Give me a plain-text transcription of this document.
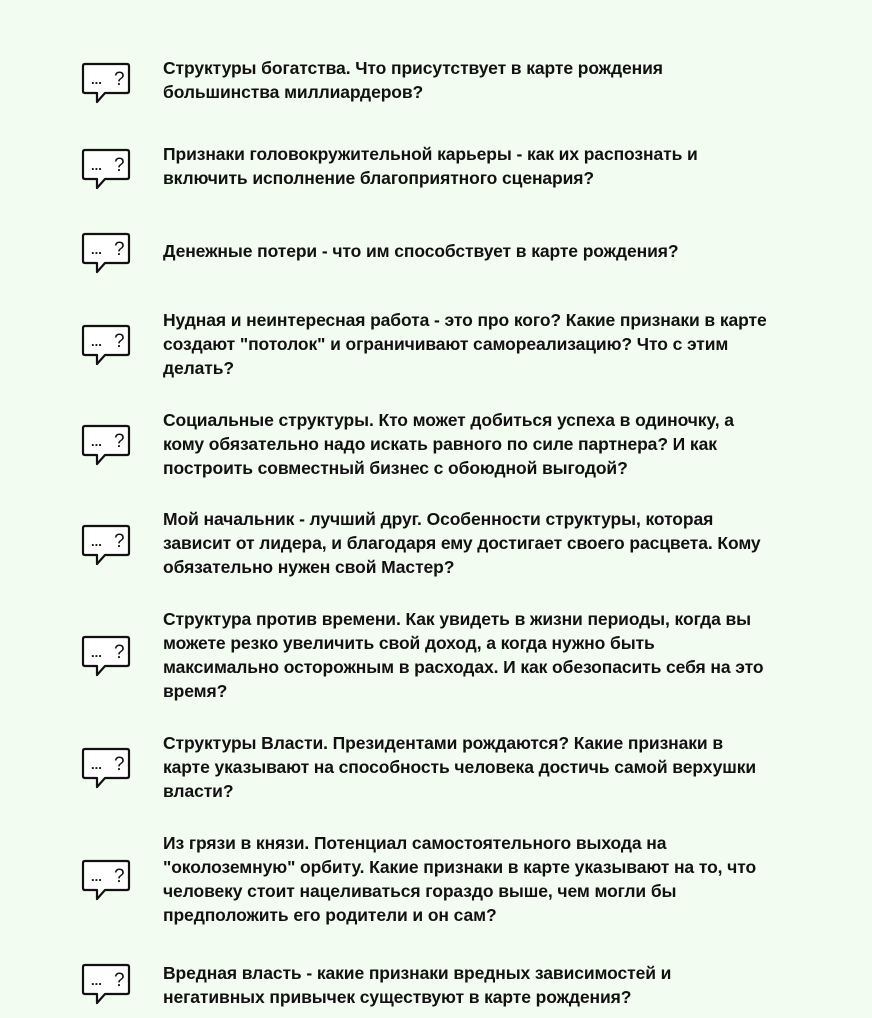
... ?
Структуры богатства. Что присутствует в карте рождения большинства миллиардеров?
... ?
Признаки головокружительной карьеры - как их распознать и включить исполнение благоприятного сценария?
... ? Денежные потери - что им способствует в карте рождения?
... ?
Нудная и неинтересная работа - это про кого? Какие признаки в карте создают "потолок" и ограничивают самореализацию? Что с этим делать?
... ?
Социальные структуры. Кто может добиться успеха в одиночку, а кому обязательно надо искать равного по силе партнера? И как построить совместный бизнес с обоюдной выгодой?
... ?
Мой начальник - лучший друг. Особенности структуры, которая зависит от лидера, и благодаря ему достигает своего расцвета. Кому обязательно нужен свой Мастер?
... ?
Структура против времени. Как увидеть в жизни периоды, когда вы можете резко увеличить свой доход, а когда нужно быть максимально осторожным в расходах. И как обезопасить себя на это время?
... ?
Структуры Власти. Президентами рождаются? Какие признаки в карте указывают на способность человека достичь самой верхушки власти?
... ?
Из грязи в князи. Потенциал самостоятельного выхода на "околоземную" орбиту. Какие признаки в карте указывают на то, что человеку стоит нацеливаться гораздо выше, чем могли бы предположить его родители и он сам?
... ? Вредная власть - какие признаки вредных зависимостей и негативных привычек существуют в карте рождения?
